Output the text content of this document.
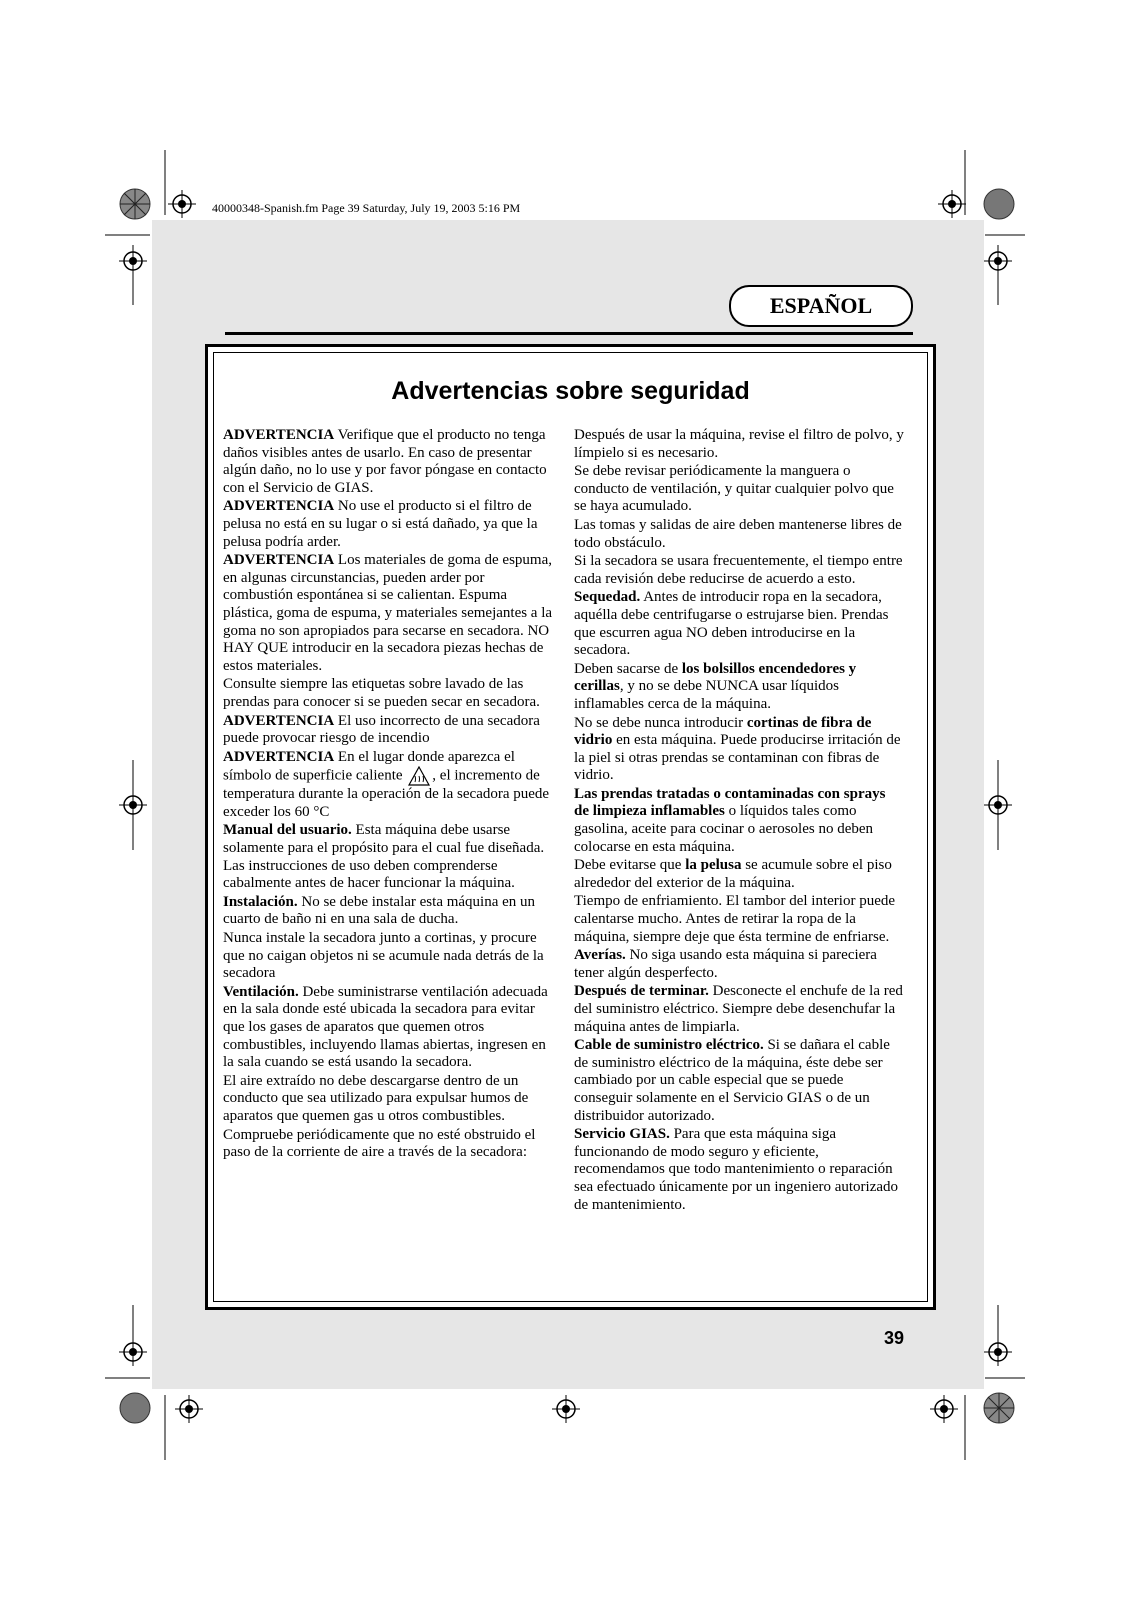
40000348-Spanish.fm Page 39 Saturday, July 19, 2003 5:16 PM
ESPAÑOL
Advertencias sobre seguridad

ADVERTENCIA Verifique que el producto no tenga daños visibles antes de usarlo. En caso de presentar algún daño, no lo use y por favor póngase en contacto con el Servicio de GIAS.

ADVERTENCIA No use el producto si el filtro de pelusa no está en su lugar o si está dañado, ya que la pelusa podría arder.

ADVERTENCIA Los materiales de goma de espuma, en algunas circunstancias, pueden arder por combustión espontánea si se calientan. Espuma plástica, goma de espuma, y materiales semejantes a la goma no son apropiados para secarse en secadora. NO HAY QUE introducir en la secadora piezas hechas de estos materiales.

Consulte siempre las etiquetas sobre lavado de las prendas para conocer si se pueden secar en secadora.

ADVERTENCIA El uso incorrecto de una secadora puede provocar riesgo de incendio

ADVERTENCIA En el lugar donde aparezca el símbolo de superficie caliente , el incremento de temperatura durante la operación de la secadora puede exceder los 60 °C

Manual del usuario. Esta máquina debe usarse solamente para el propósito para el cual fue diseñada. Las instrucciones de uso deben comprenderse cabalmente antes de hacer funcionar la máquina.

Instalación. No se debe instalar esta máquina en un cuarto de baño ni en una sala de ducha.

Nunca instale la secadora junto a cortinas, y procure que no caigan objetos ni se acumule nada detrás de la secadora

Ventilación. Debe suministrarse ventilación adecuada en la sala donde esté ubicada la secadora para evitar que los gases de aparatos que quemen otros combustibles, incluyendo llamas abiertas, ingresen en la sala cuando se está usando la secadora.

El aire extraído no debe descargarse dentro de un conducto que sea utilizado para expulsar humos de aparatos que quemen gas u otros combustibles.

Compruebe periódicamente que no esté obstruido el paso de la corriente de aire a través de la secadora:

Después de usar la máquina, revise el filtro de polvo, y límpielo si es necesario.

Se debe revisar periódicamente la manguera o conducto de ventilación, y quitar cualquier polvo que se haya acumulado.

Las tomas y salidas de aire deben mantenerse libres de todo obstáculo.

Si la secadora se usara frecuentemente, el tiempo entre cada revisión debe reducirse de acuerdo a esto.

Sequedad. Antes de introducir ropa en la secadora, aquélla debe centrifugarse o estrujarse bien. Prendas que escurren agua NO deben introducirse en la secadora.

Deben sacarse de los bolsillos encendedores y cerillas, y no se debe NUNCA usar líquidos inflamables cerca de la máquina.

No se debe nunca introducir cortinas de fibra de vidrio en esta máquina. Puede producirse irritación de la piel si otras prendas se contaminan con fibras de vidrio.

Las prendas tratadas o contaminadas con sprays de limpieza inflamables o líquidos tales como gasolina, aceite para cocinar o aerosoles no deben colocarse en esta máquina.

Debe evitarse que la pelusa se acumule sobre el piso alrededor del exterior de la máquina.

Tiempo de enfriamiento. El tambor del interior puede calentarse mucho. Antes de retirar la ropa de la máquina, siempre deje que ésta termine de enfriarse.

Averías. No siga usando esta máquina si pareciera tener algún desperfecto.

Después de terminar. Desconecte el enchufe de la red del suministro eléctrico. Siempre debe desenchufar la máquina antes de limpiarla.

Cable de suministro eléctrico. Si se dañara el cable de suministro eléctrico de la máquina, éste debe ser cambiado por un cable especial que se puede conseguir solamente en el Servicio GIAS o de un distribuidor autorizado.

Servicio GIAS. Para que esta máquina siga funcionando de modo seguro y eficiente, recomendamos que todo mantenimiento o reparación sea efectuado únicamente por un ingeniero autorizado de mantenimiento.

39
